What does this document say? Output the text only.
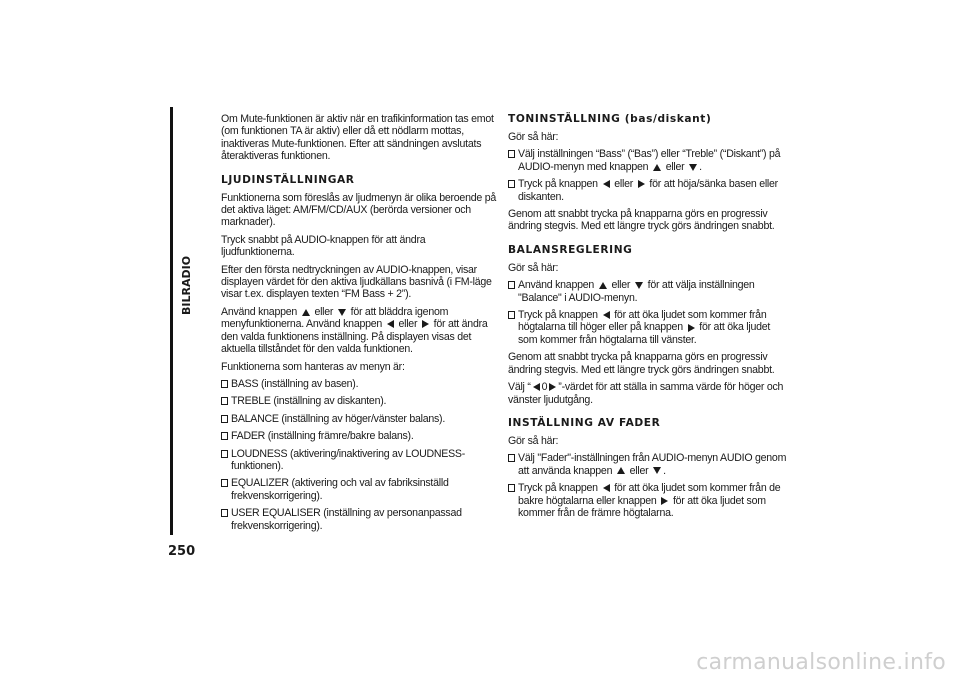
BILRADIO
250

Om Mute-funktionen är aktiv när en trafikinformation tas emot (om funktionen TA är aktiv) eller då ett nödlarm mottas, inaktiveras Mute-funktionen. Efter att sändningen avslutats återaktiveras funktionen.

LJUDINSTÄLLNINGAR

Funktionerna som föreslås av ljudmenyn är olika beroende på det aktiva läget: AM/FM/CD/AUX (berörda versioner och marknader).

Tryck snabbt på AUDIO-knappen för att ändra ljudfunktionerna.

Efter den första nedtryckningen av AUDIO-knappen, visar displayen värdet för den aktiva ljudkällans basnivå (i FM-läge visar t.ex. displayen texten “FM Bass + 2”).

Använd knappen eller för att bläddra igenom menyfunktionerna. Använd knappen eller för att ändra den valda funktionens inställning. På displayen visas det aktuella tillståndet för den valda funktionen.

Funktionerna som hanteras av menyn är:

BASS (inställning av basen).
TREBLE (inställning av diskanten).
BALANCE (inställning av höger/vänster balans).
FADER (inställning främre/bakre balans).
LOUDNESS (aktivering/inaktivering av LOUDNESS-funktionen).
EQUALIZER (aktivering och val av fabriksinställd frekvenskorrigering).
USER EQUALISER (inställning av personanpassad frekvenskorrigering).
TONINSTÄLLNING (bas/diskant)

Gör så här:

Välj inställningen “Bass” (“Bas”) eller “Treble” (“Diskant”) på AUDIO-menyn med knappen eller .
Tryck på knappen eller för att höja/sänka basen eller diskanten.

Genom att snabbt trycka på knapparna görs en progressiv ändring stegvis. Med ett längre tryck görs ändringen snabbt.

BALANSREGLERING

Gör så här:

Använd knappen eller för att välja inställningen "Balance" i AUDIO-menyn.
Tryck på knappen för att öka ljudet som kommer från högtalarna till höger eller på knappen för att öka ljudet som kommer från högtalarna till vänster.

Genom att snabbt trycka på knapparna görs en progressiv ändring stegvis. Med ett längre tryck görs ändringen snabbt.

Välj “ 0 ”-värdet för att ställa in samma värde för höger och vänster ljudutgång.

INSTÄLLNING AV FADER

Gör så här:

Välj "Fader"-inställningen från AUDIO-menyn AUDIO genom att använda knappen eller .
Tryck på knappen för att öka ljudet som kommer från de bakre högtalarna eller knappen för att öka ljudet som kommer från de främre högtalarna.
carmanualsonline.info
